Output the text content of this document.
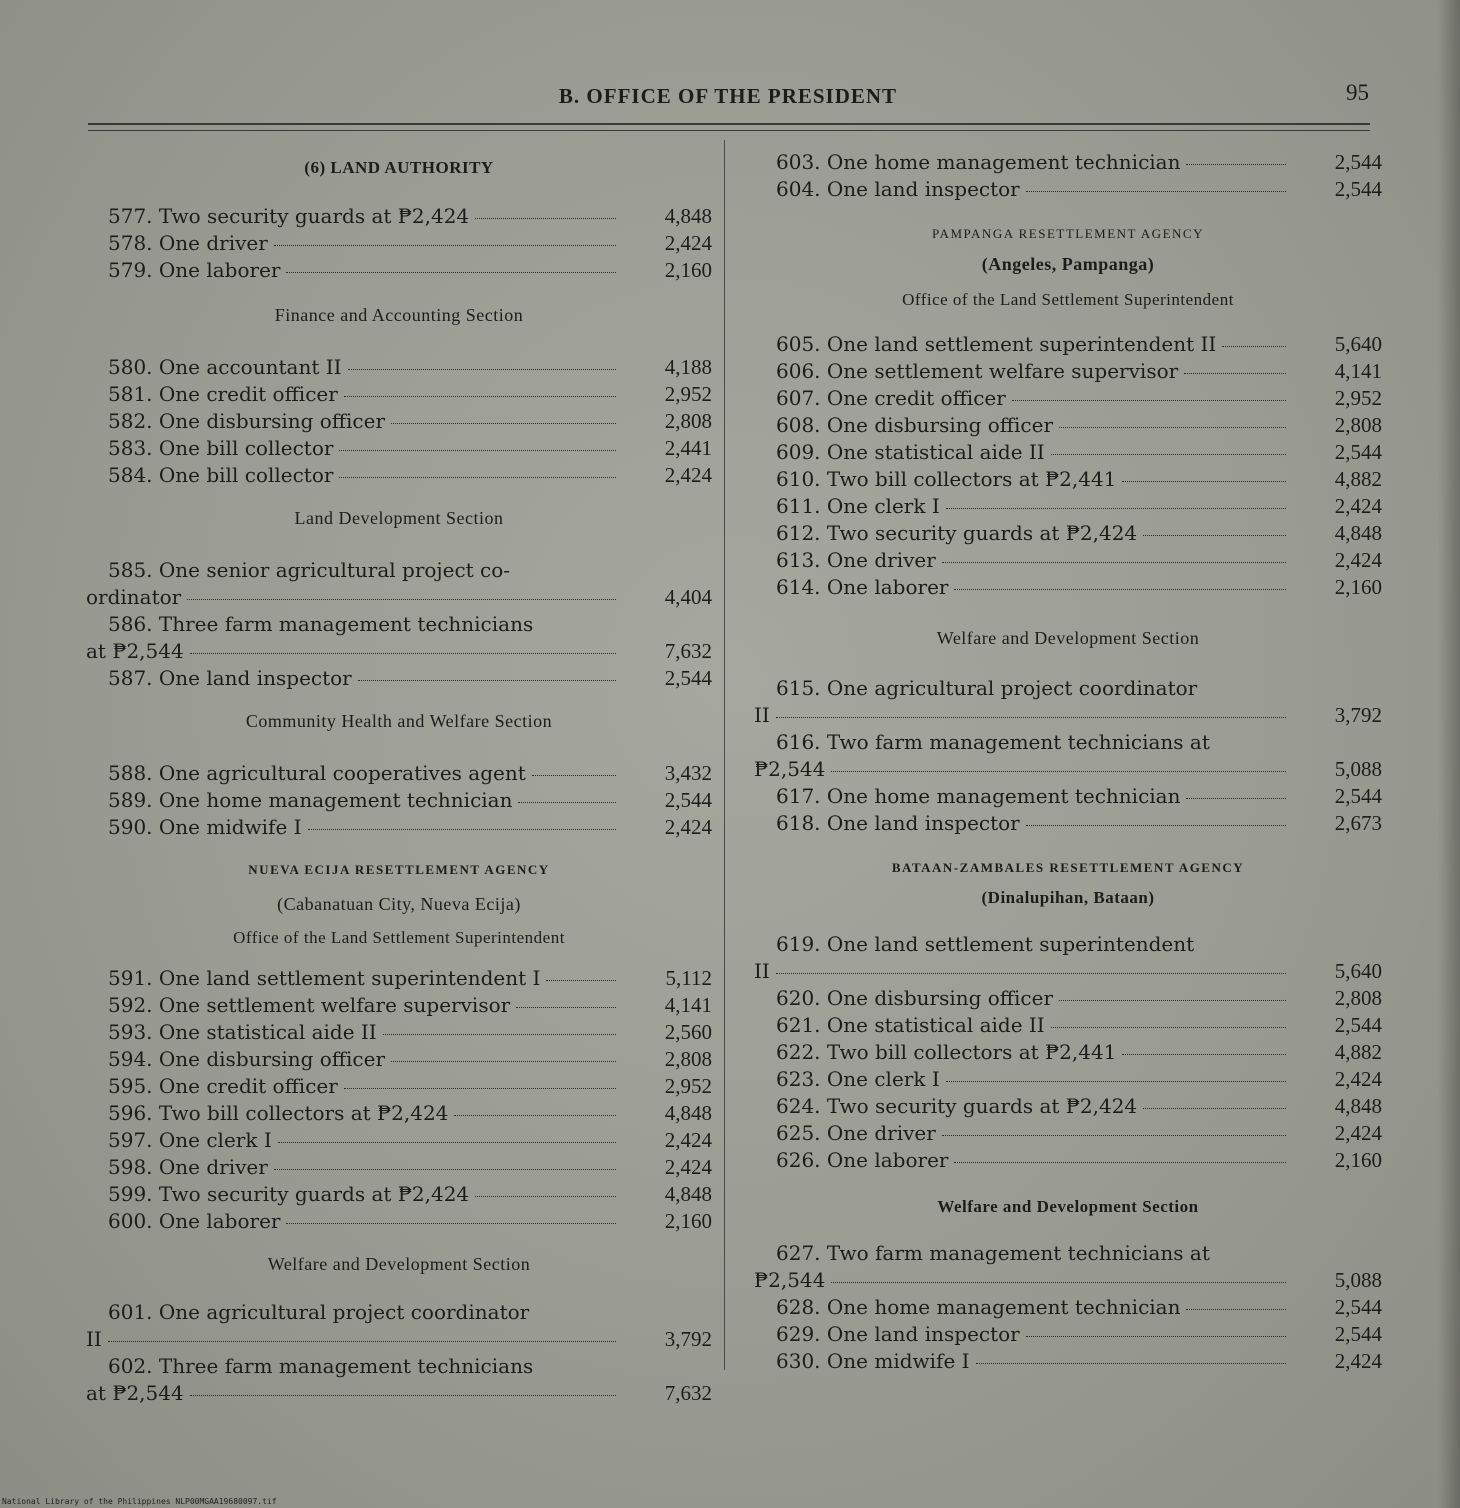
B. OFFICE OF THE PRESIDENT	95
(6) LAND AUTHORITY
577. Two security guards at ₱2,424	4,848
578. One driver	2,424
579. One laborer	2,160
Finance and Accounting Section
580. One accountant II	4,188
581. One credit officer	2,952
582. One disbursing officer	2,808
583. One bill collector	2,441
584. One bill collector	2,424
Land Development Section
585. One senior agricultural project co-
ordinator	4,404
586. Three farm management technicians
at ₱2,544	7,632
587. One land inspector	2,544
Community Health and Welfare Section
588. One agricultural cooperatives agent	3,432
589. One home management technician	2,544
590. One midwife I	2,424
NUEVA ECIJA RESETTLEMENT AGENCY
(Cabanatuan City, Nueva Ecija)
Office of the Land Settlement Superintendent
591. One land settlement superintendent I	5,112
592. One settlement welfare supervisor	4,141
593. One statistical aide II	2,560
594. One disbursing officer	2,808
595. One credit officer	2,952
596. Two bill collectors at ₱2,424	4,848
597. One clerk I	2,424
598. One driver	2,424
599. Two security guards at ₱2,424	4,848
600. One laborer	2,160
Welfare and Development Section
601. One agricultural project coordinator
II	3,792
602. Three farm management technicians
at ₱2,544	7,632
603. One home management technician	2,544
604. One land inspector	2,544
PAMPANGA RESETTLEMENT AGENCY
(Angeles, Pampanga)
Office of the Land Settlement Superintendent
605. One land settlement superintendent II	5,640
606. One settlement welfare supervisor	4,141
607. One credit officer	2,952
608. One disbursing officer	2,808
609. One statistical aide II	2,544
610. Two bill collectors at ₱2,441	4,882
611. One clerk I	2,424
612. Two security guards at ₱2,424	4,848
613. One driver	2,424
614. One laborer	2,160
Welfare and Development Section
615. One agricultural project coordinator
II	3,792
616. Two farm management technicians at
₱2,544	5,088
617. One home management technician	2,544
618. One land inspector	2,673
BATAAN-ZAMBALES RESETTLEMENT AGENCY
(Dinalupihan, Bataan)
619. One land settlement superintendent
II	5,640
620. One disbursing officer	2,808
621. One statistical aide II	2,544
622. Two bill collectors at ₱2,441	4,882
623. One clerk I	2,424
624. Two security guards at ₱2,424	4,848
625. One driver	2,424
626. One laborer	2,160
Welfare and Development Section
627. Two farm management technicians at
₱2,544	5,088
628. One home management technician	2,544
629. One land inspector	2,544
630. One midwife I	2,424
National Library of the Philippines NLP00MGAA19680097.tif
